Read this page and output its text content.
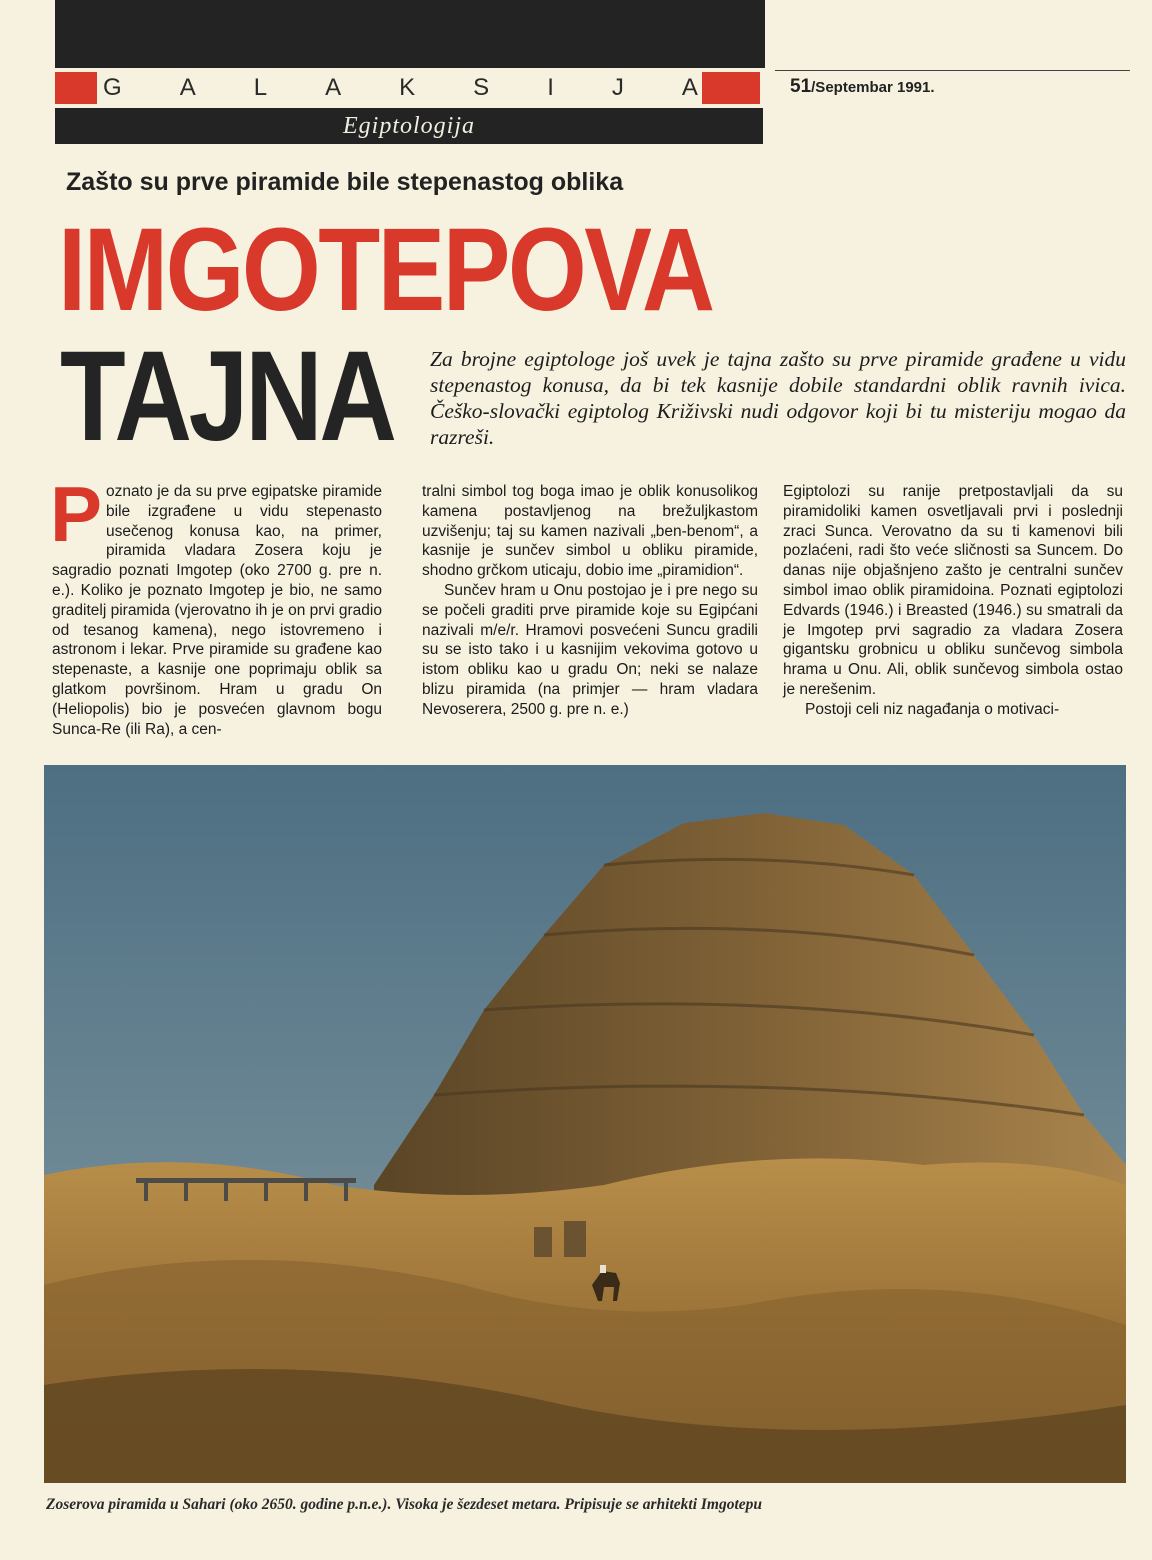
G A L A K S I J A	51/Septembar 1991.
Egiptologija
Zašto su prve piramide bile stepenastog oblika
IMGOTEPOVA
TAJNA Za brojne egiptologe još uvek je tajna zašto su prve piramide građene u vidu stepenastog konusa, da bi tek kasnije dobile standardni oblik ravnih ivica. Češko-slovački egiptolog Križivski nudi odgovor koji bi tu misteriju mogao da razreši.
P oznato je da su prve egipatske piramide bile izgrađene u vidu stepenasto usečenog konusa kao, na primer, piramida vladara Zosera koju je sagradio poznati Imgotep (oko 2700 g. pre n. e.). Koliko je poznato Imgotep je bio, ne samo graditelj piramida (vjerovatno ih je on prvi gradio od tesanog kamena), nego istovremeno i astronom i lekar. Prve piramide su građene kao stepenaste, a kasnije one poprimaju oblik sa glatkom površinom. Hram u gradu On (Heliopolis) bio je posvećen glavnom bogu Sunca-Re (ili Ra), a cen-

tralni simbol tog boga imao je oblik konusolikog kamena postavljenog na brežuljkastom uzvišenju; taj su kamen nazivali „ben-benom“, a kasnije je sunčev simbol u obliku piramide, shodno grčkom uticaju, dobio ime „piramidion“.

Sunčev hram u Onu postojao je i pre nego su se počeli graditi prve piramide koje su Egipćani nazivali m/e/r. Hramovi posvećeni Suncu gradili su se isto tako i u kasnijim vekovima gotovo u istom obliku kao u gradu On; neki se nalaze blizu piramida (na primjer — hram vladara Nevoserera, 2500 g. pre n. e.)

Egiptolozi su ranije pretpostavljali da su piramidoliki kamen osvetljavali prvi i poslednji zraci Sunca. Verovatno da su ti kamenovi bili pozlaćeni, radi što veće sličnosti sa Suncem. Do danas nije objašnjeno zašto je centralni sunčev simbol imao oblik piramidoina. Poznati egiptolozi Edvards (1946.) i Breasted (1946.) su smatrali da je Imgotep prvi sagradio za vladara Zosera gigantsku grobnicu u obliku sunčevog simbola hrama u Onu. Ali, oblik sunčevog simbola ostao je nerešenim.

Postoji celi niz nagađanja o motivaci-

Zoserova piramida u Sahari (oko 2650. godine p.n.e.). Visoka je šezdeset metara. Pripisuje se arhitekti Imgotepu
